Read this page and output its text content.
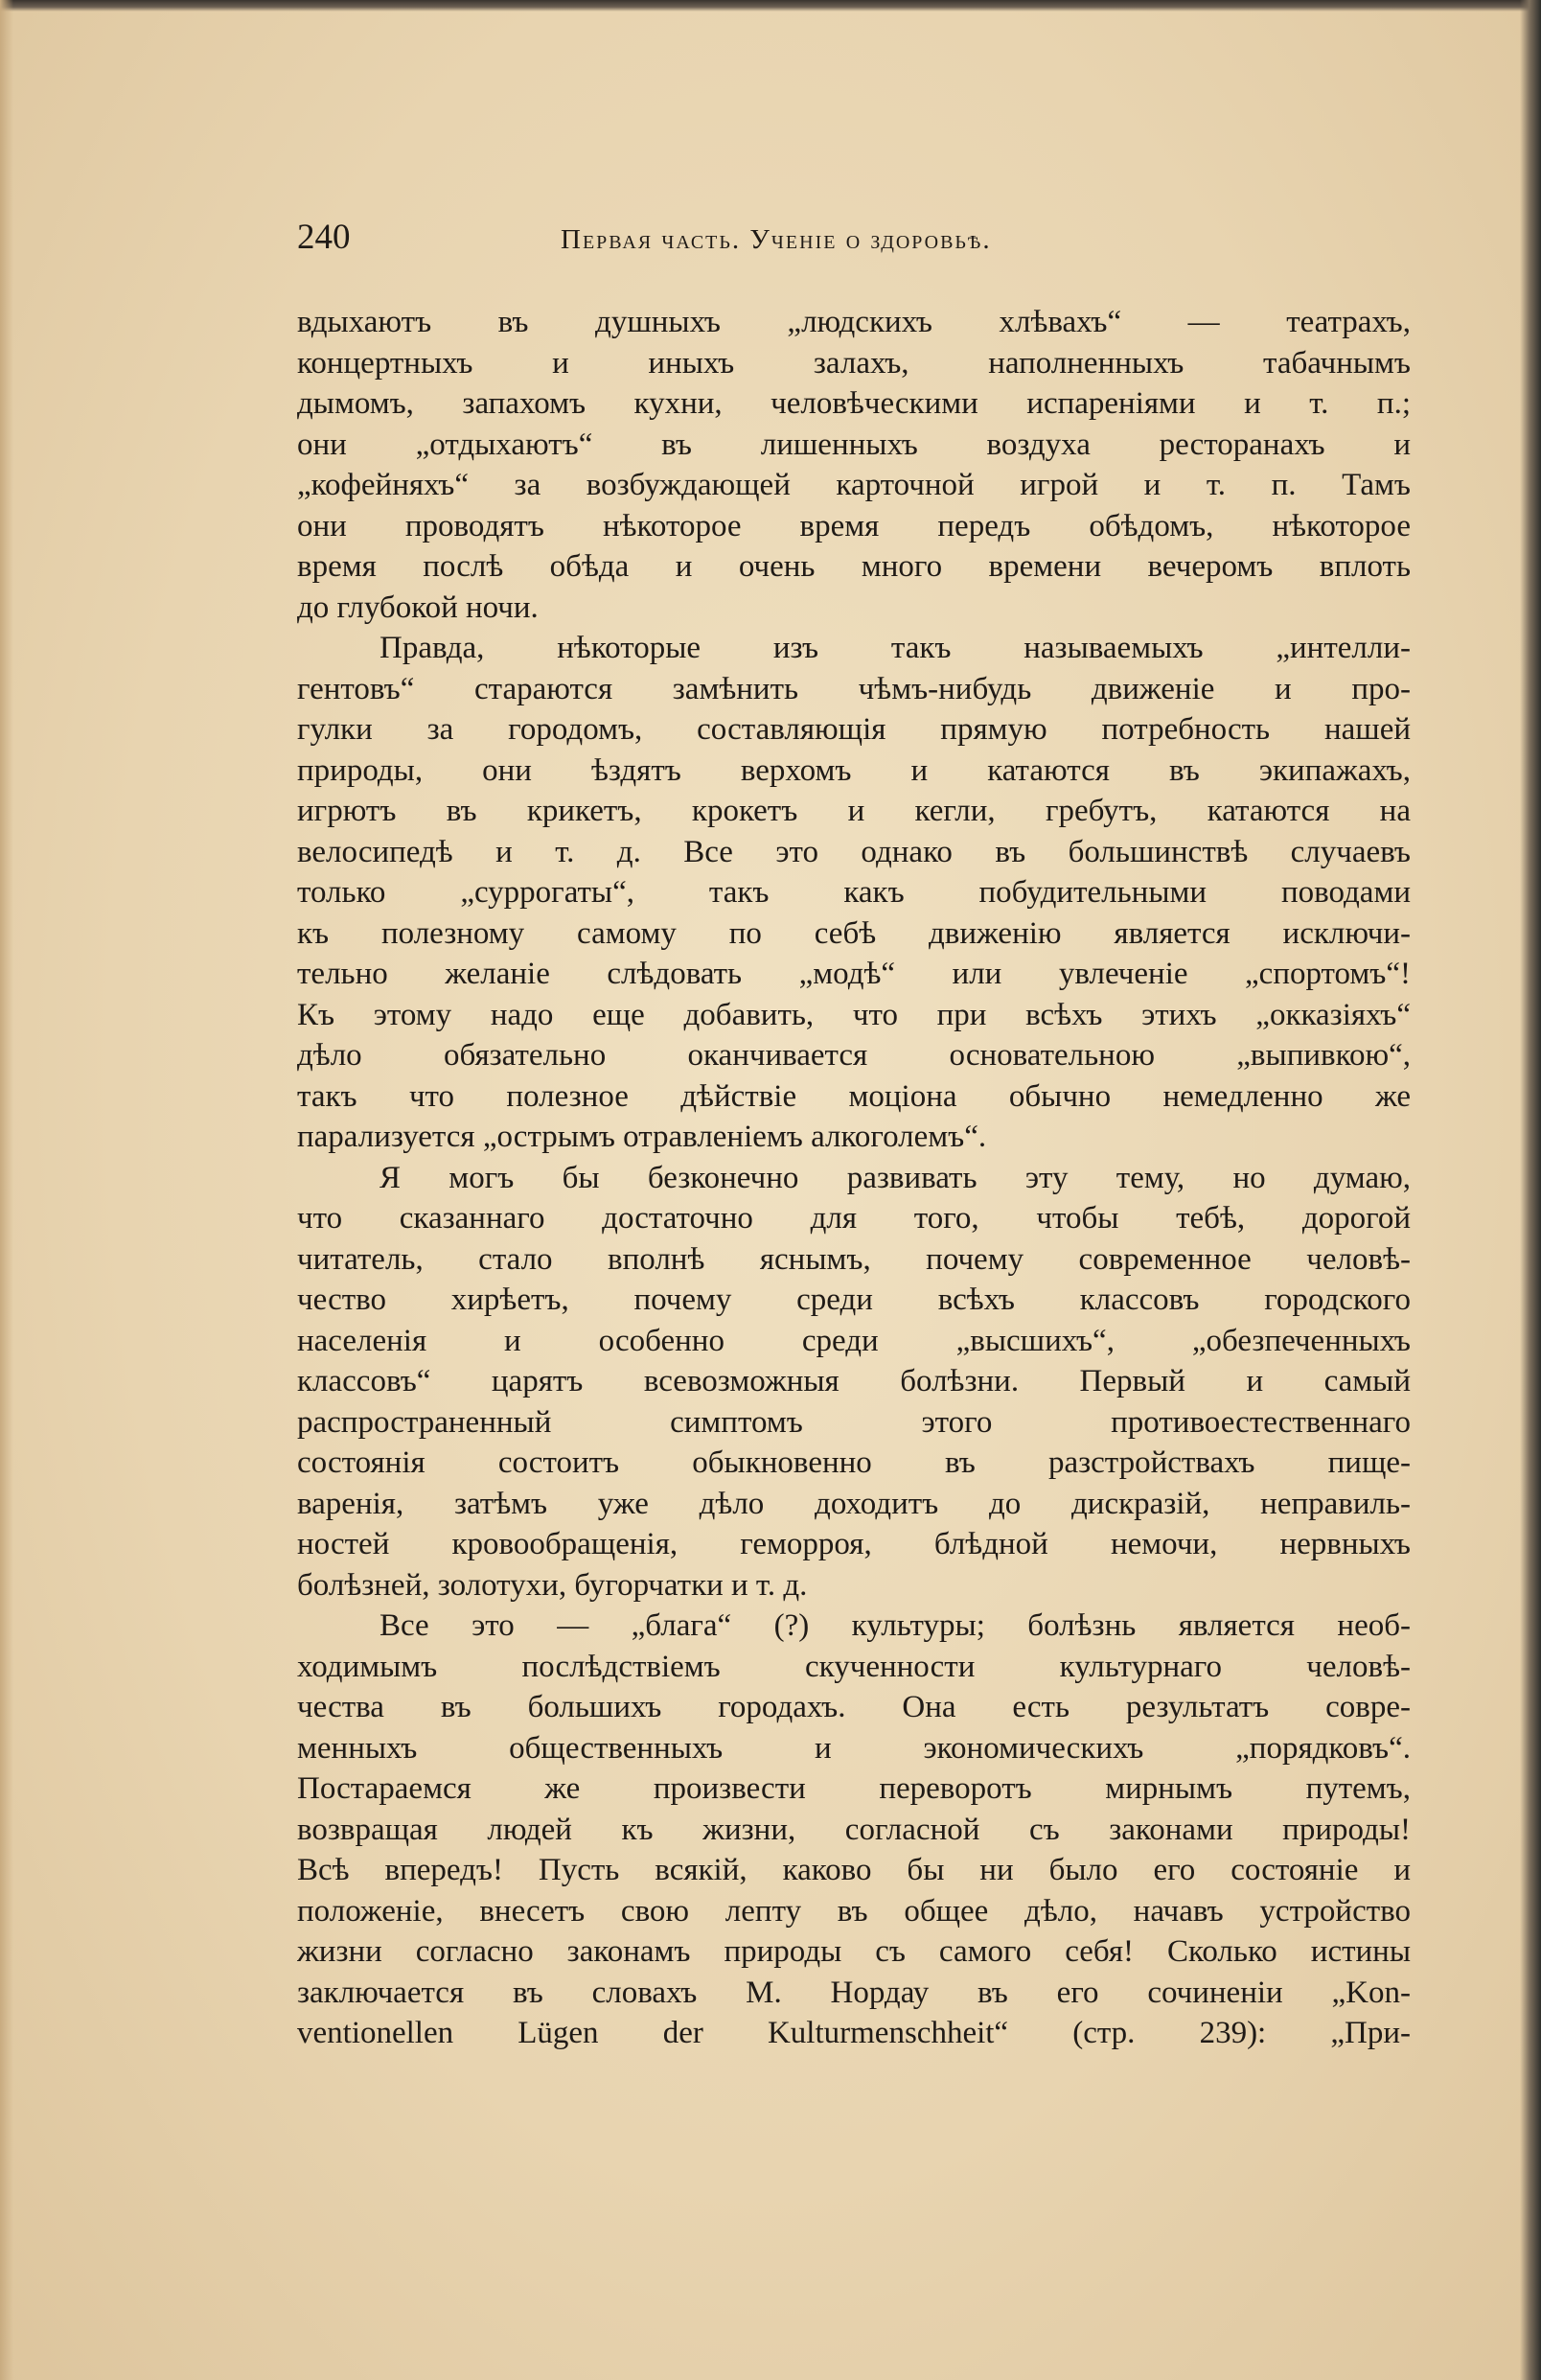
240	Первая часть. Ученіе о здоровьѣ.
вдыхаютъ въ душныхъ „людскихъ хлѣвахъ“ — театрахъ,
концертныхъ и иныхъ залахъ, наполненныхъ табачнымъ
дымомъ, запахомъ кухни, человѣческими испареніями и т. п.;
они „отдыхаютъ“ въ лишенныхъ воздуха ресторанахъ и
„кофейняхъ“ за возбуждающей карточной игрой и т. п. Тамъ
они проводятъ нѣкоторое время передъ обѣдомъ, нѣкоторое
время послѣ обѣда и очень много времени вечеромъ вплоть
до глубокой ночи.
Правда, нѣкоторые изъ такъ называемыхъ „интелли-
гентовъ“ стараются замѣнить чѣмъ-нибудь движеніе и про-
гулки за городомъ, составляющія прямую потребность нашей
природы, они ѣздятъ верхомъ и катаются въ экипажахъ,
игрютъ въ крикетъ, крокетъ и кегли, гребутъ, катаются на
велосипедѣ и т. д. Все это однако въ большинствѣ случаевъ
только „суррогаты“, такъ какъ побудительными поводами
къ полезному самому по себѣ движенію является исключи-
тельно желаніе слѣдовать „модѣ“ или увлеченіе „спортомъ“!
Къ этому надо еще добавить, что при всѣхъ этихъ „окказіяхъ“
дѣло обязательно оканчивается основательною „выпивкою“,
такъ что полезное дѣйствіе моціона обычно немедленно же
парализуется „острымъ отравленіемъ алкоголемъ“.
Я могъ бы безконечно развивать эту тему, но думаю,
что сказаннаго достаточно для того, чтобы тебѣ, дорогой
читатель, стало вполнѣ яснымъ, почему современное человѣ-
чество хирѣетъ, почему среди всѣхъ классовъ городского
населенія и особенно среди „высшихъ“, „обезпеченныхъ
классовъ“ царятъ всевозможныя болѣзни. Первый и самый
распространенный симптомъ этого противоестественнаго
состоянія состоитъ обыкновенно въ разстройствахъ пище-
варенія, затѣмъ уже дѣло доходитъ до дискразій, неправиль-
ностей кровообращенія, геморроя, блѣдной немочи, нервныхъ
болѣзней, золотухи, бугорчатки и т. д.
Все это — „блага“ (?) культуры; болѣзнь является необ-
ходимымъ послѣдствіемъ скученности культурнаго человѣ-
чества въ большихъ городахъ. Она есть результатъ совре-
менныхъ общественныхъ и экономическихъ „порядковъ“.
Постараемся же произвести переворотъ мирнымъ путемъ,
возвращая людей къ жизни, согласной съ законами природы!
Всѣ впередъ! Пусть всякій, каково бы ни было его состояніе и
положеніе, внесетъ свою лепту въ общее дѣло, начавъ устройство
жизни согласно законамъ природы съ самого себя! Сколько истины
заключается въ словахъ М. Нордау въ его сочиненіи „Kon-
ventionellen Lügen der Kulturmenschheit“ (стр. 239): „При-
